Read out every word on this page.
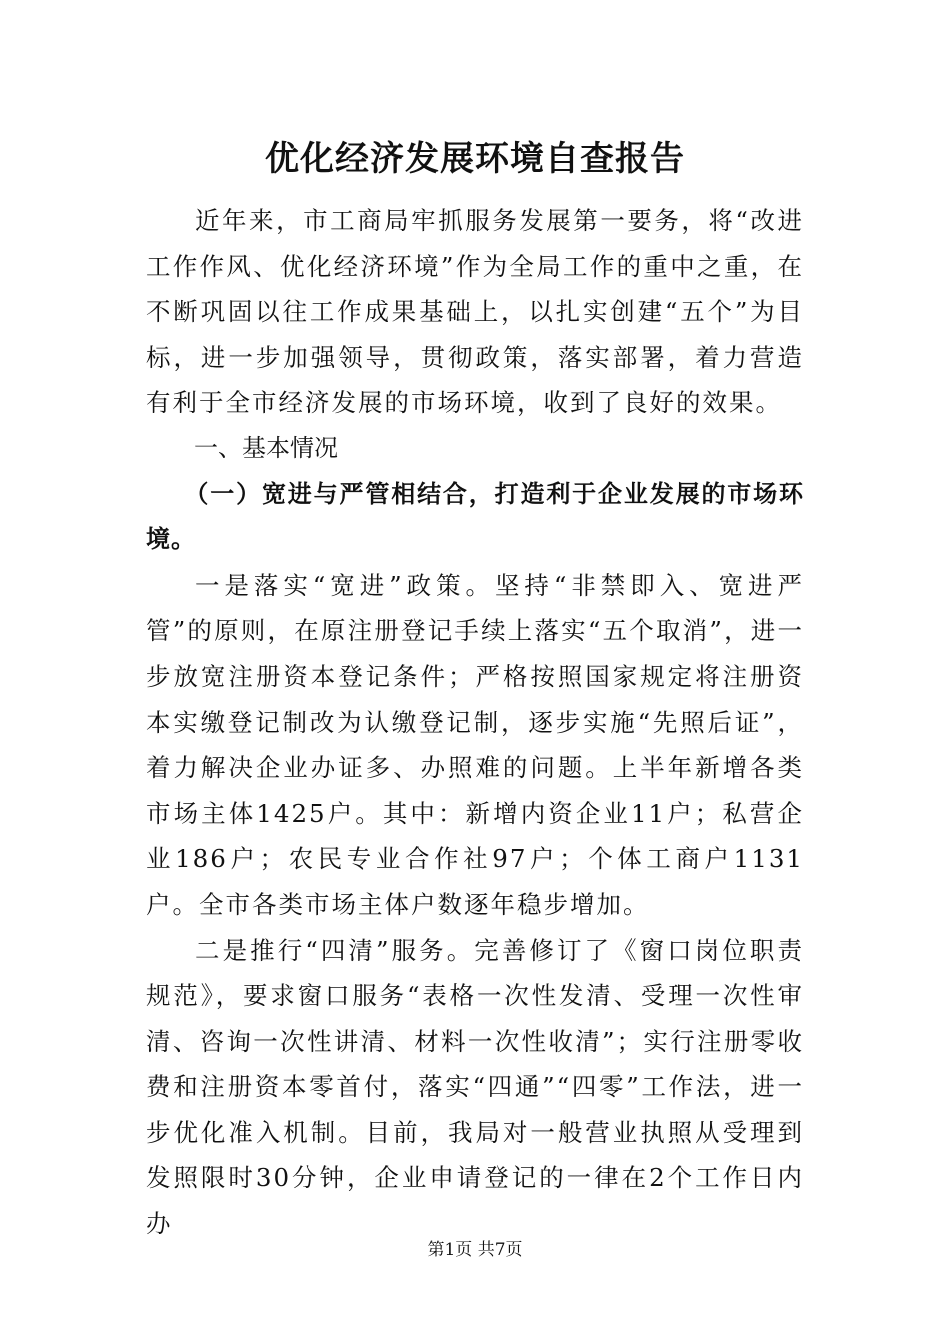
优化经济发展环境自查报告

近年来，市工商局牢抓服务发展第一要务，将“改进工作作风、优化经济环境”作为全局工作的重中之重，在不断巩固以往工作成果基础上，以扎实创建“五个”为目标，进一步加强领导，贯彻政策，落实部署，着力营造有利于全市经济发展的市场环境，收到了良好的效果。

一、基本情况

（一）宽进与严管相结合，打造利于企业发展的市场环境。

一是落实“宽进”政策。坚持“非禁即入、宽进严管”的原则，在原注册登记手续上落实“五个取消”，进一步放宽注册资本登记条件；严格按照国家规定将注册资本实缴登记制改为认缴登记制，逐步实施“先照后证”，着力解决企业办证多、办照难的问题。上半年新增各类市场主体1425户。其中：新增内资企业11户；私营企业186户；农民专业合作社97户；个体工商户1131户。全市各类市场主体户数逐年稳步增加。

二是推行“四清”服务。完善修订了《窗口岗位职责规范》，要求窗口服务“表格一次性发清、受理一次性审清、咨询一次性讲清、材料一次性收清”；实行注册零收费和注册资本零首付，落实“四通”“四零”工作法，进一步优化准入机制。目前，我局对一般营业执照从受理到发照限时30分钟，企业申请登记的一律在2个工作日内办

第1页 共7页
